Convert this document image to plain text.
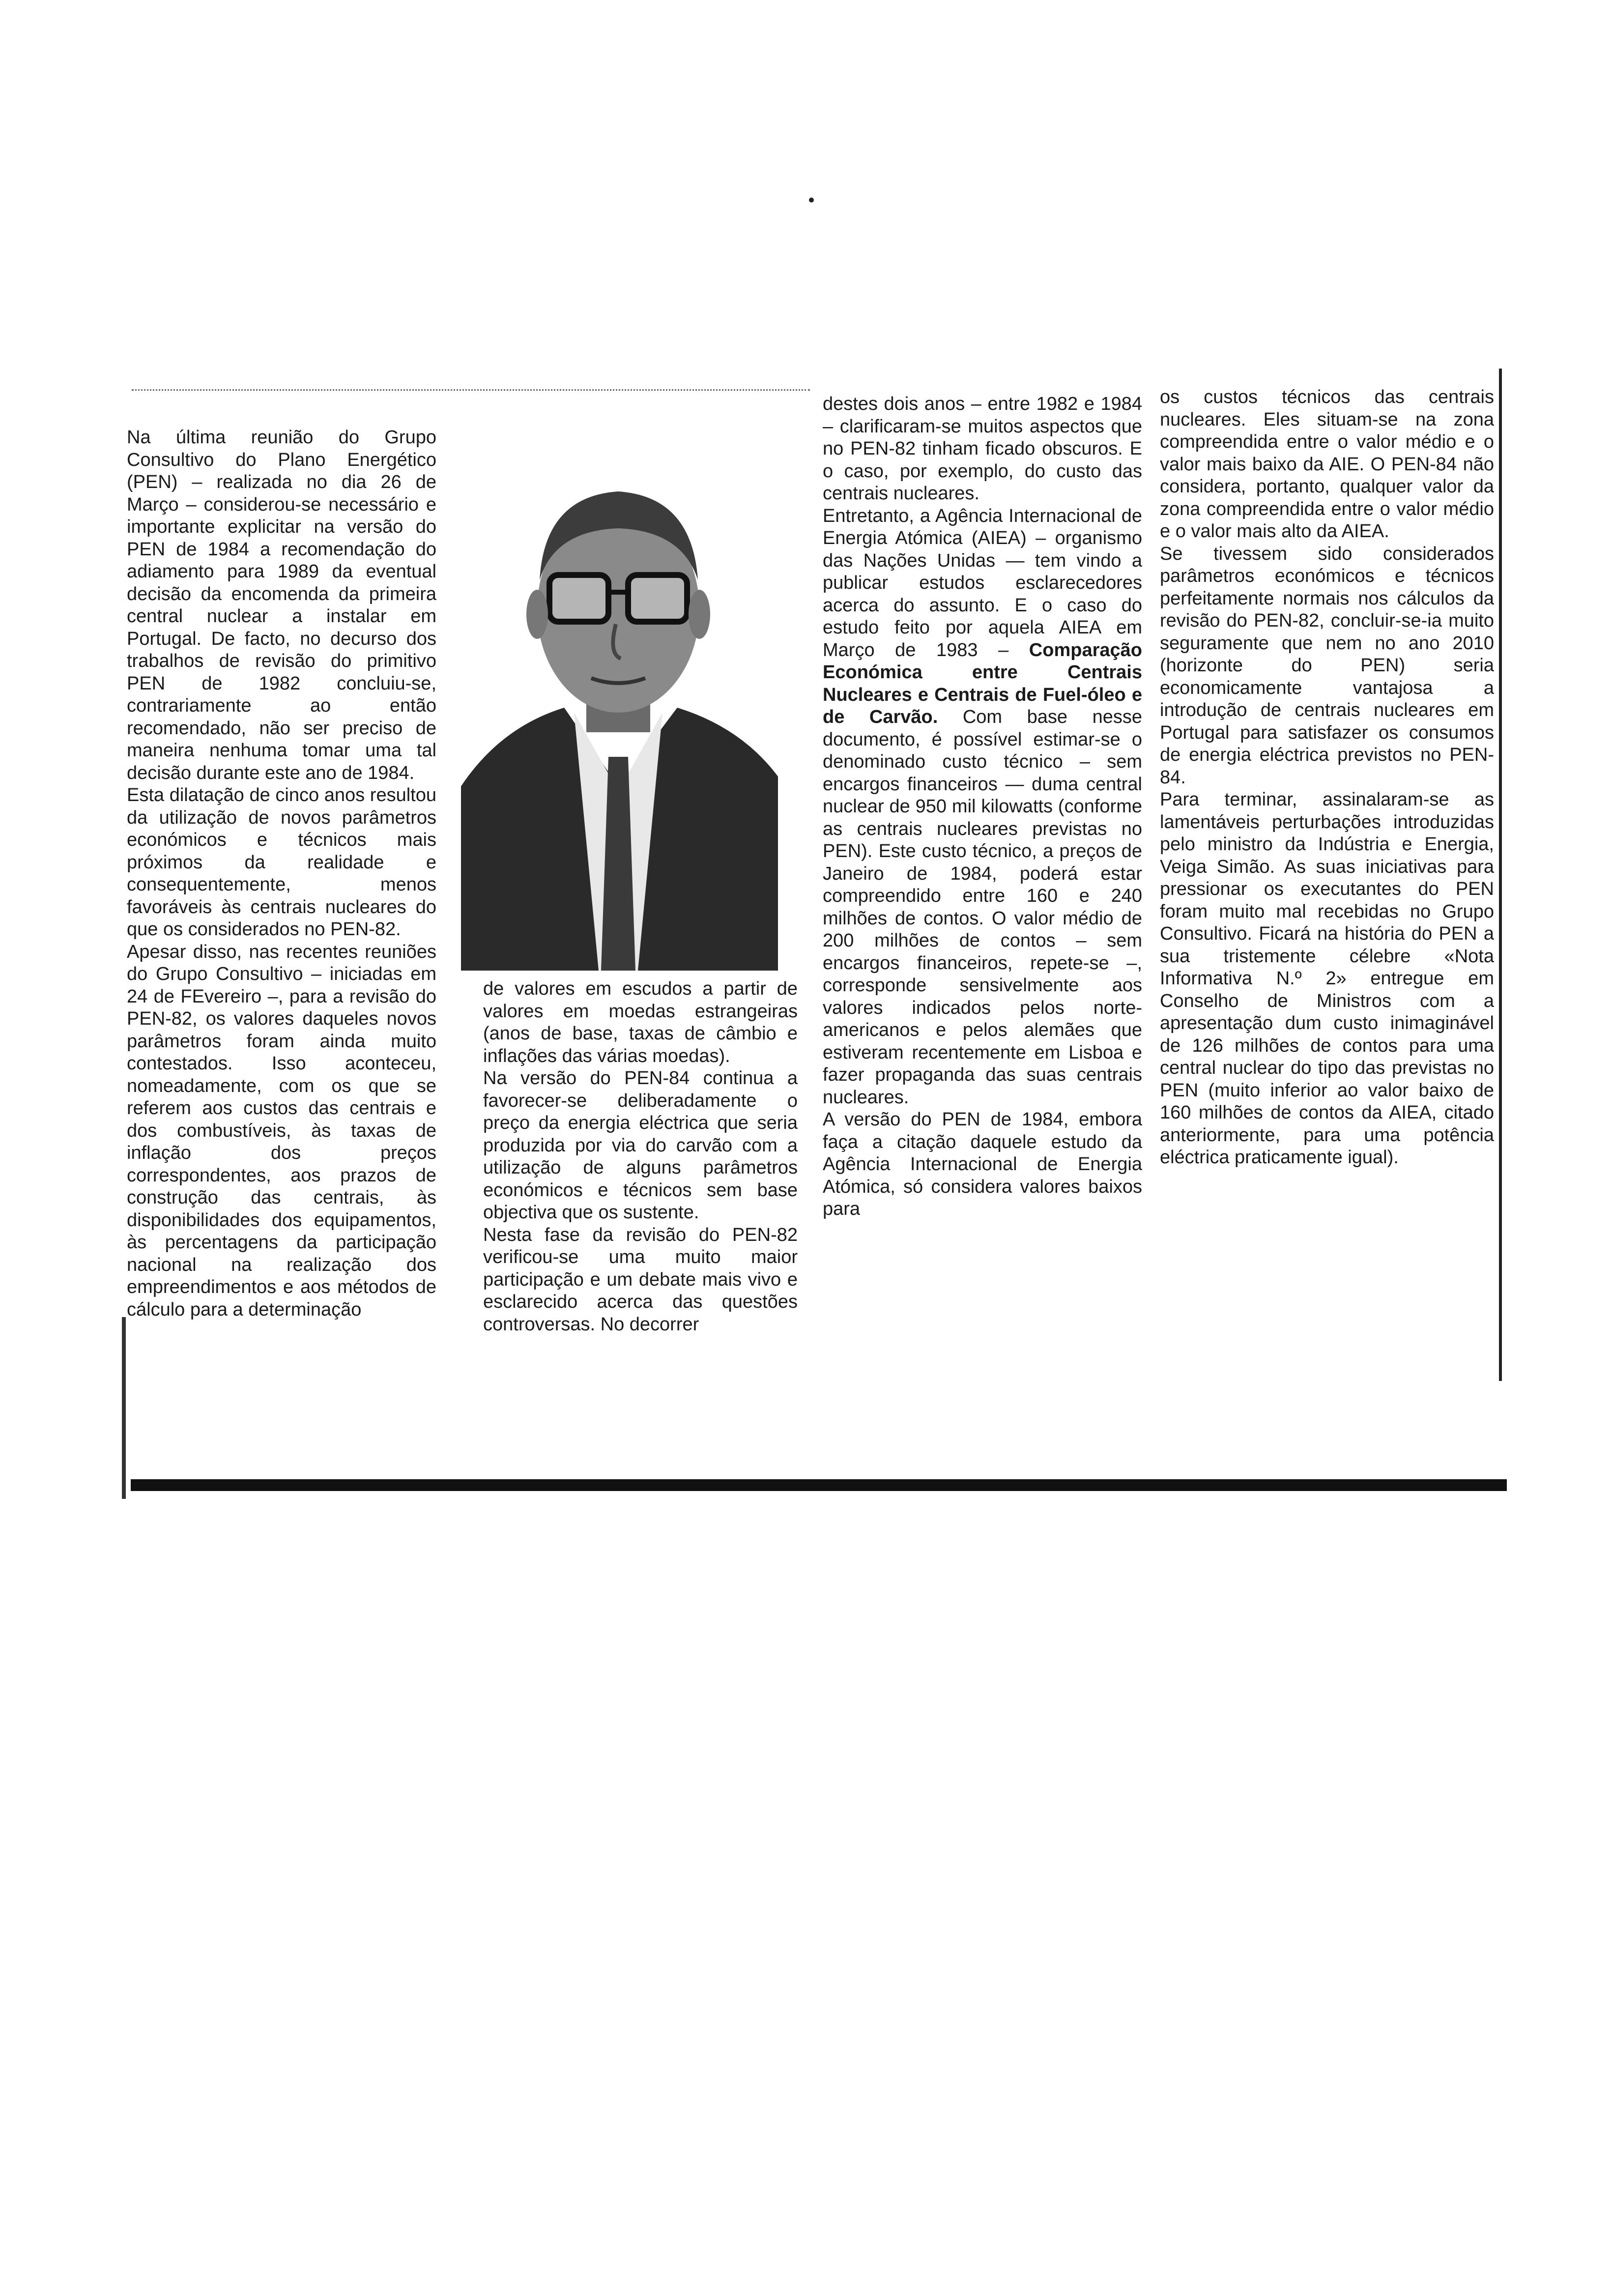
Na última reunião do Grupo Consultivo do Plano Energético (PEN) – realizada no dia 26 de Março – considerou-se necessário e importante explicitar na versão do PEN de 1984 a recomendação do adiamento para 1989 da eventual decisão da encomenda da primeira central nuclear a instalar em Portugal. De facto, no decurso dos trabalhos de revisão do primitivo PEN de 1982 concluiu-se, contrariamente ao então recomendado, não ser preciso de maneira nenhuma tomar uma tal decisão durante este ano de 1984.

Esta dilatação de cinco anos resultou da utilização de novos parâmetros económicos e técnicos mais próximos da realidade e consequentemente, menos favoráveis às centrais nucleares do que os considerados no PEN-82.

Apesar disso, nas recentes reuniões do Grupo Consultivo – iniciadas em 24 de FEvereiro –, para a revisão do PEN-82, os valores daqueles novos parâmetros foram ainda muito contestados. Isso aconteceu, nomeadamente, com os que se referem aos custos das centrais e dos combustíveis, às taxas de inflação dos preços correspondentes, aos prazos de construção das centrais, às disponibilidades dos equipamentos, às percentagens da participação nacional na realização dos empreendimentos e aos métodos de cálculo para a determinação

de valores em escudos a partir de valores em moedas estrangeiras (anos de base, taxas de câmbio e inflações das várias moedas).

Na versão do PEN-84 continua a favorecer-se deliberadamente o preço da energia eléctrica que seria produzida por via do carvão com a utilização de alguns parâmetros económicos e técnicos sem base objectiva que os sustente.

Nesta fase da revisão do PEN-82 verificou-se uma muito maior participação e um debate mais vivo e esclarecido acerca das questões controversas. No decorrer

destes dois anos – entre 1982 e 1984 – clarificaram-se muitos aspectos que no PEN-82 tinham ficado obscuros. E o caso, por exemplo, do custo das centrais nucleares.

Entretanto, a Agência Internacional de Energia Atómica (AIEA) – organismo das Nações Unidas — tem vindo a publicar estudos esclarecedores acerca do assunto. E o caso do estudo feito por aquela AIEA em Março de 1983 – Comparação Económica entre Centrais Nucleares e Centrais de Fuel-óleo e de Carvão. Com base nesse documento, é possível estimar-se o denominado custo técnico – sem encargos financeiros — duma central nuclear de 950 mil kilowatts (conforme as centrais nucleares previstas no PEN). Este custo técnico, a preços de Janeiro de 1984, poderá estar compreendido entre 160 e 240 milhões de contos. O valor médio de 200 milhões de contos – sem encargos financeiros, repete-se –, corresponde sensivelmente aos valores indicados pelos norte-americanos e pelos alemães que estiveram recentemente em Lisboa e fazer propaganda das suas centrais nucleares.

A versão do PEN de 1984, embora faça a citação daquele estudo da Agência Internacional de Energia Atómica, só considera valores baixos para

os custos técnicos das centrais nucleares. Eles situam-se na zona compreendida entre o valor médio e o valor mais baixo da AIE. O PEN-84 não considera, portanto, qualquer valor da zona compreendida entre o valor médio e o valor mais alto da AIEA.

Se tivessem sido considerados parâmetros económicos e técnicos perfeitamente normais nos cálculos da revisão do PEN-82, concluir-se-ia muito seguramente que nem no ano 2010 (horizonte do PEN) seria economicamente vantajosa a introdução de centrais nucleares em Portugal para satisfazer os consumos de energia eléctrica previstos no PEN-84.

Para terminar, assinalaram-se as lamentáveis perturbações introduzidas pelo ministro da Indústria e Energia, Veiga Simão. As suas iniciativas para pressionar os executantes do PEN foram muito mal recebidas no Grupo Consultivo. Ficará na história do PEN a sua tristemente célebre «Nota Informativa N.º 2» entregue em Conselho de Ministros com a apresentação dum custo inimaginável de 126 milhões de contos para uma central nuclear do tipo das previstas no PEN (muito inferior ao valor baixo de 160 milhões de contos da AIEA, citado anteriormente, para uma potência eléctrica praticamente igual).
